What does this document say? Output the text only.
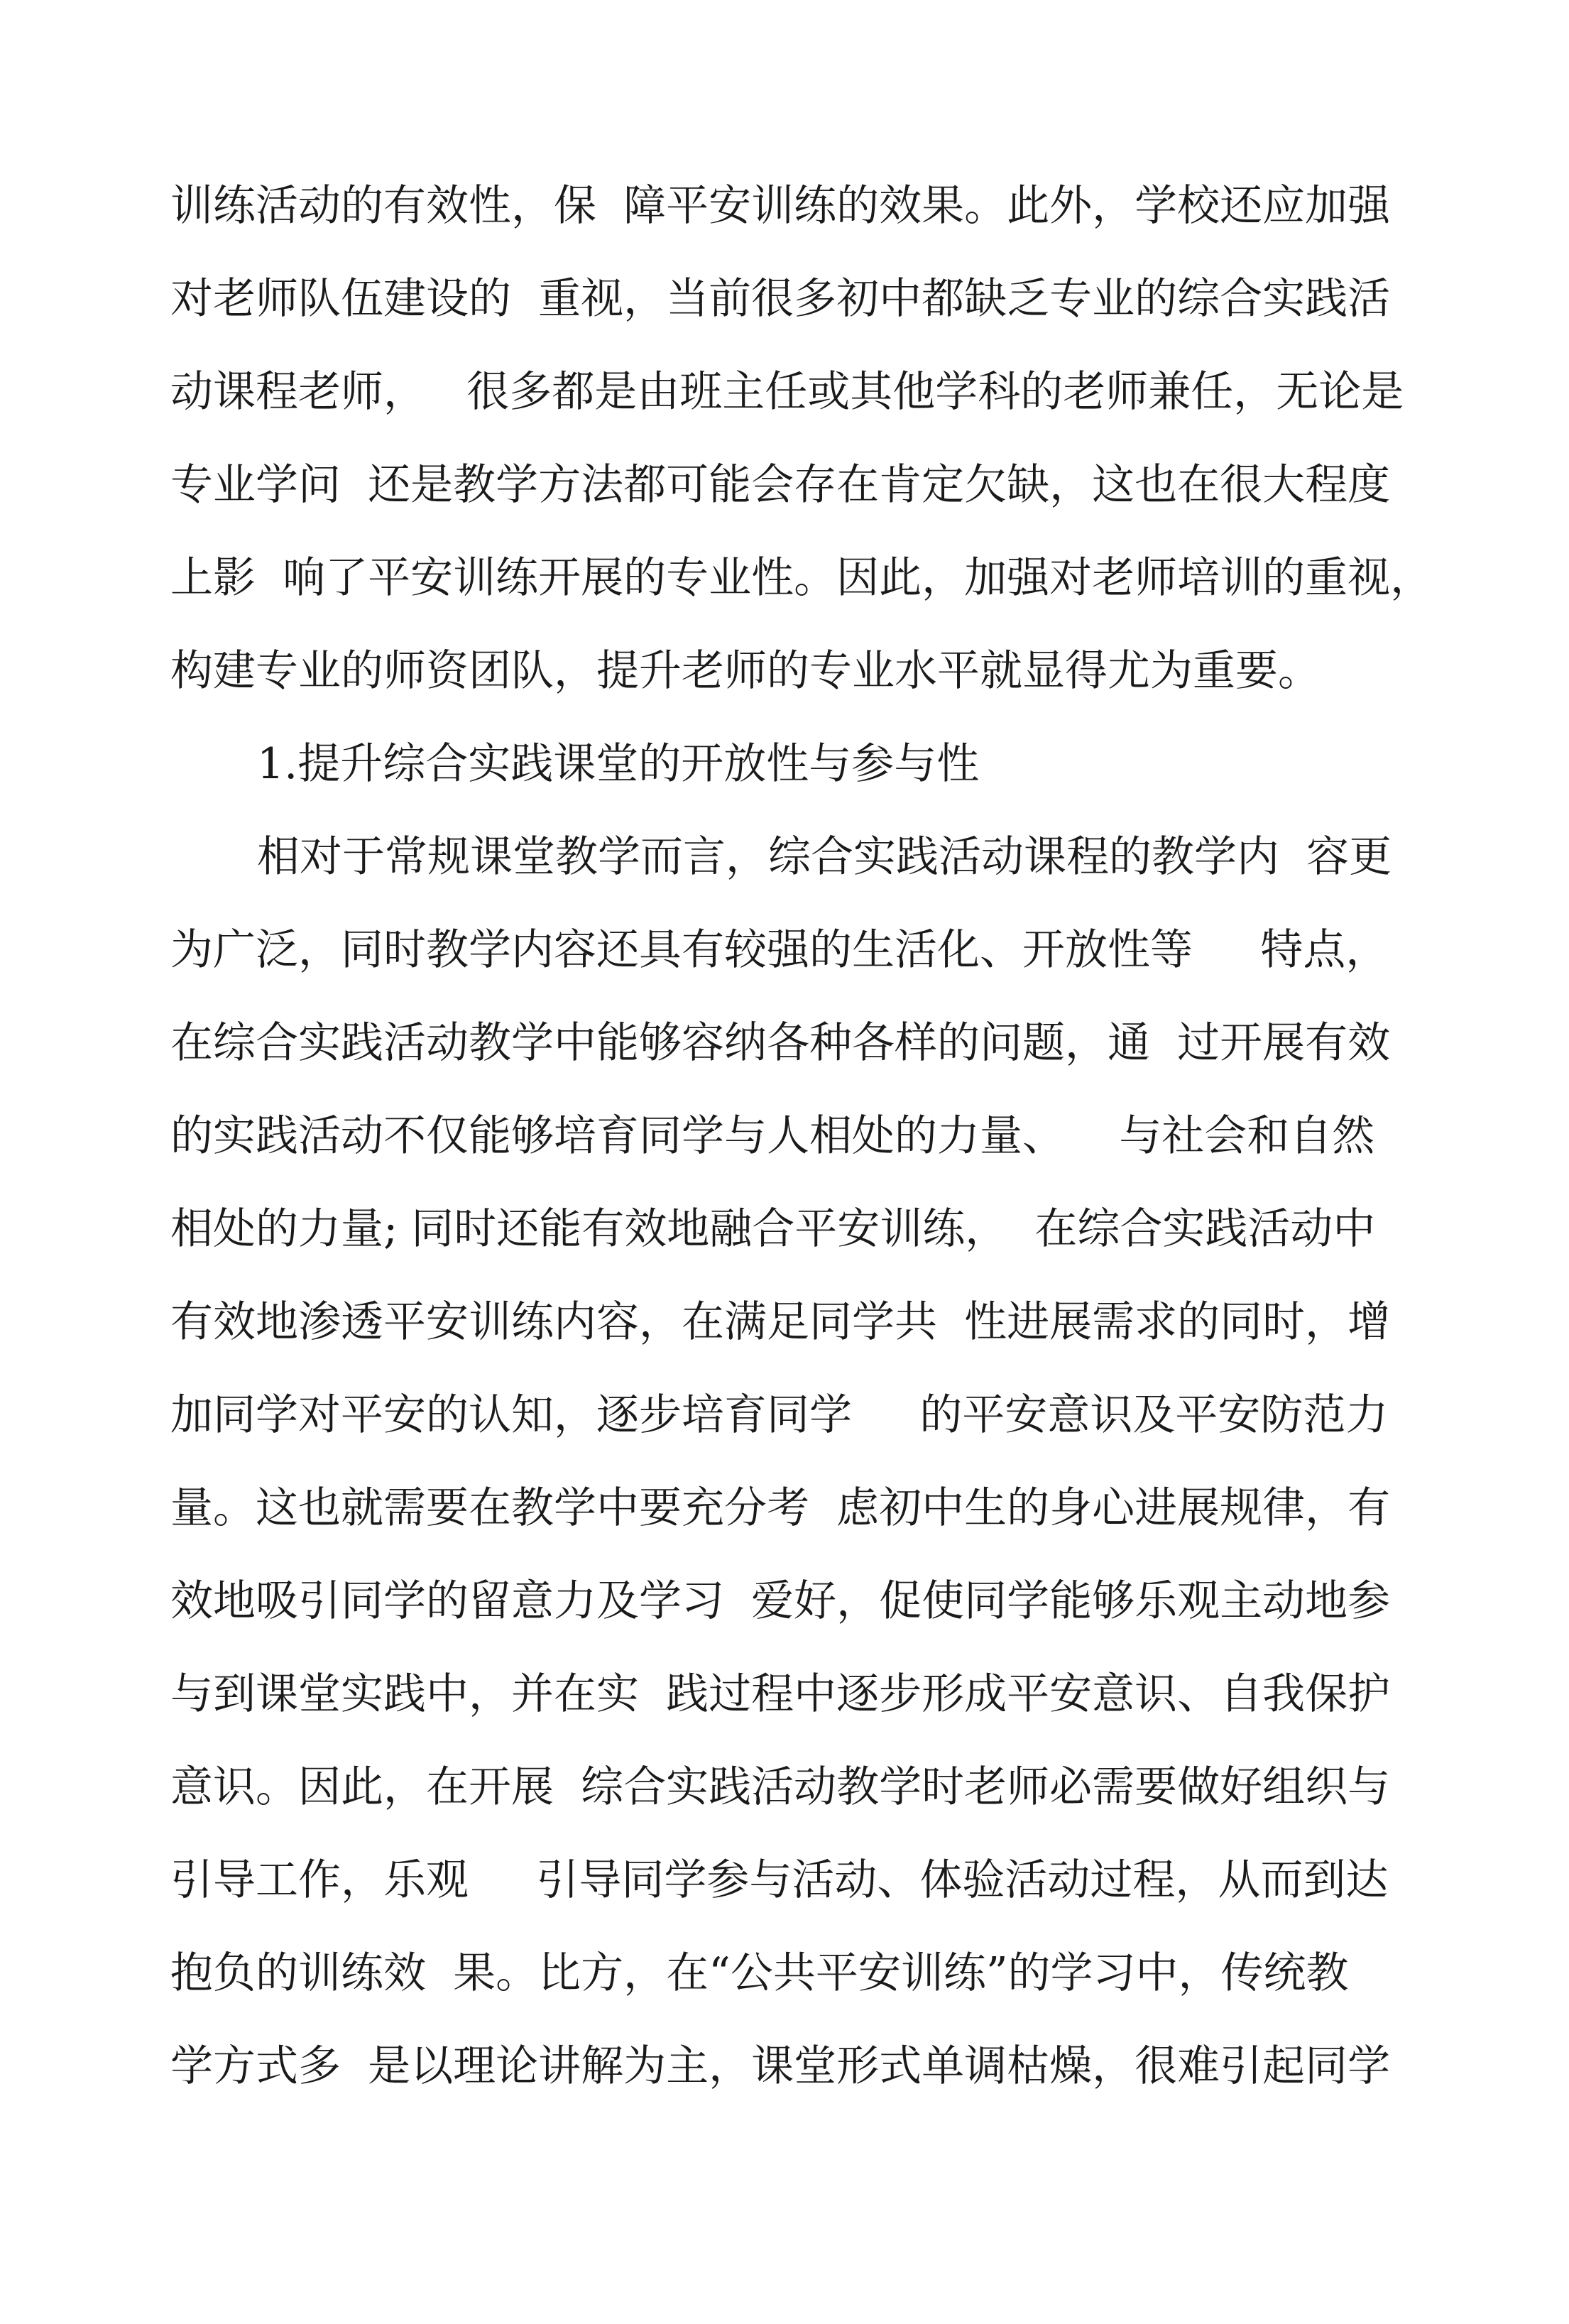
训练活动的有效性，保  障平安训练的效果。此外，学校还应加强
对老师队伍建设的  重视，当前很多初中都缺乏专业的综合实践活
动课程老师，   很多都是由班主任或其他学科的老师兼任，无论是
专业学问  还是教学方法都可能会存在肯定欠缺，这也在很大程度
上影  响了平安训练开展的专业性。因此，加强对老师培训的重视，
构建专业的师资团队，提升老师的专业水平就显得尤为重要。
1.提升综合实践课堂的开放性与参与性
相对于常规课堂教学而言，综合实践活动课程的教学内  容更
为广泛，同时教学内容还具有较强的生活化、开放性等     特点，
在综合实践活动教学中能够容纳各种各样的问题，通  过开展有效
的实践活动不仅能够培育同学与人相处的力量、    与社会和自然
相处的力量; 同时还能有效地融合平安训练，  在综合实践活动中
有效地渗透平安训练内容，在满足同学共  性进展需求的同时，增
加同学对平安的认知，逐步培育同学     的平安意识及平安防范力
量。这也就需要在教学中要充分考  虑初中生的身心进展规律，有
效地吸引同学的留意力及学习  爱好，促使同学能够乐观主动地参
与到课堂实践中，并在实  践过程中逐步形成平安意识、自我保护
意识。因此，在开展  综合实践活动教学时老师必需要做好组织与
引导工作，乐观     引导同学参与活动、体验活动过程，从而到达
抱负的训练效  果。比方，在“公共平安训练”的学习中，传统教
学方式多  是以理论讲解为主，课堂形式单调枯燥，很难引起同学
